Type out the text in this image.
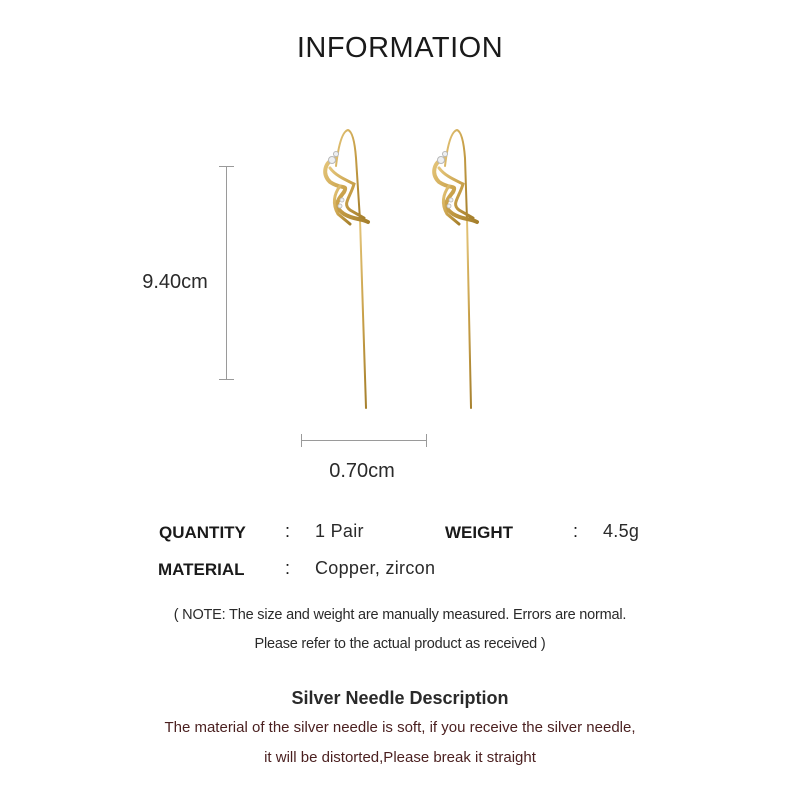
INFORMATION
9.40cm
0.70cm
QUANTITY : 1 Pair	WEIGHT	: 4.5g
MATERIAL : Copper, zircon
( NOTE: The size and weight are manually measured. Errors are normal.
Please refer to the actual product as received )
Silver Needle Description
The material of the silver needle is soft, if you receive the silver needle,
it will be distorted,Please break it straight
